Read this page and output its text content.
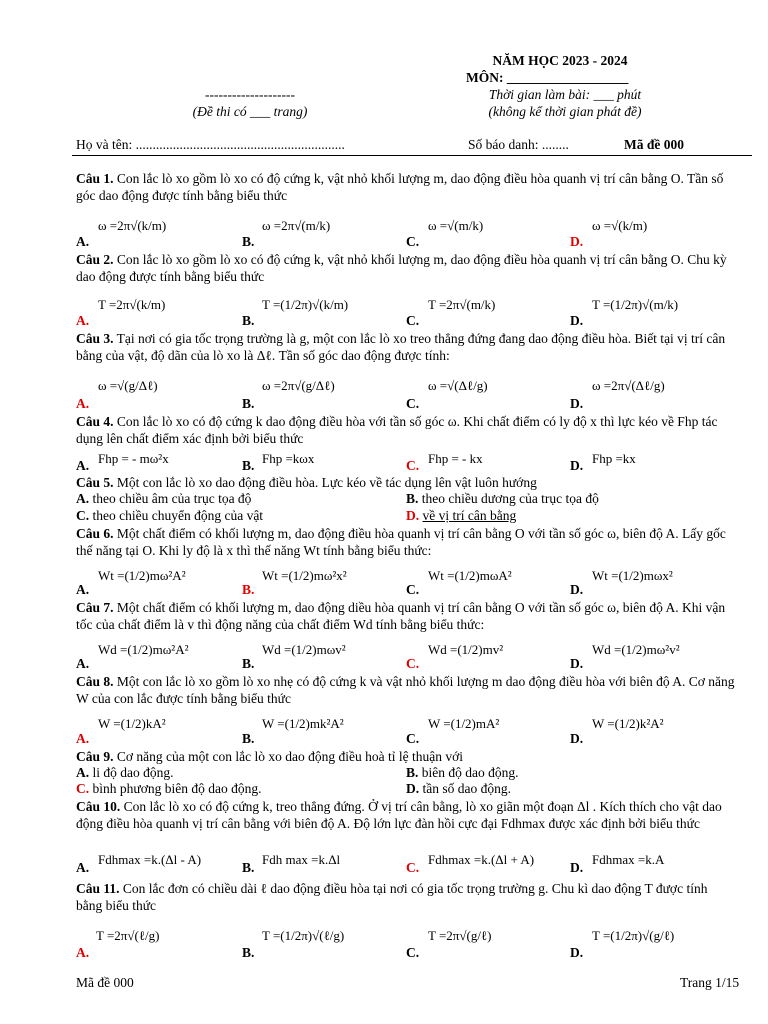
NĂM HỌC 2023 - 2024
MÔN: __________________
--------------------
(Đề thi có ___ trang)
Thời gian làm bài: ___ phút
(không kể thời gian phát đề)
Họ và tên: ..............................................................	Số báo danh: ........	Mã đề 000
Câu 1. Con lắc lò xo gồm lò xo có độ cứng k, vật nhỏ khối lượng m, dao động điều hòa quanh vị trí cân bằng O. Tần số góc dao động được tính bằng biểu thức
A.
ω =2π√(k/m)
B.
ω =2π√(m/k)
C.
ω =√(m/k)
D.
ω =√(k/m)
Câu 2. Con lắc lò xo gồm lò xo có độ cứng k, vật nhỏ khối lượng m, dao động điều hòa quanh vị trí cân bằng O. Chu kỳ dao động được tính bằng biểu thức
A.
T =2π√(k/m)
B.
T =(1/2π)√(k/m)
C.
T =2π√(m/k)
D.
T =(1/2π)√(m/k)
Câu 3. Tại nơi có gia tốc trọng trường là g, một con lắc lò xo treo thẳng đứng đang dao động điều hòa. Biết tại vị trí cân bằng của vật, độ dãn của lò xo là Δℓ. Tần số góc dao động được tính:
A.
ω =√(g/Δℓ)
B.
ω =2π√(g/Δℓ)
C.
ω =√(Δℓ/g)
D.
ω =2π√(Δℓ/g)
Câu 4. Con lắc lò xo có độ cứng k dao động điều hòa với tần số góc ω. Khi chất điểm có ly độ x thì lực kéo về Fhp tác dụng lên chất điểm xác định bởi biểu thức
A. Fhp = - mω²x	B. Fhp =kωx	C. Fhp = - kx	D. Fhp =kx
Câu 5. Một con lắc lò xo dao động điều hòa. Lực kéo về tác dụng lên vật luôn hướng
A. theo chiều âm của trục tọa độ	B. theo chiều dương của trục tọa độ
C. theo chiều chuyển động của vật	D. về vị trí cân bằng
Câu 6. Một chất điểm có khối lượng m, dao động điều hòa quanh vị trí cân bằng O với tần số góc ω, biên độ A. Lấy gốc thế năng tại O. Khi ly độ là x thì thế năng Wt tính bằng biểu thức:
A.
Wt =(1/2)mω²A²
B.
Wt =(1/2)mω²x²
C.
Wt =(1/2)mωA²
D.
Wt =(1/2)mωx²
Câu 7. Một chất điểm có khối lượng m, dao động diều hòa quanh vị trí cân bằng O với tần số góc ω, biên độ A. Khi vận tốc của chất điểm là v thì động năng của chất điểm Wd tính bằng biểu thức:
A.
Wd =(1/2)mω²A²
B.
Wd =(1/2)mωv²
C.
Wd =(1/2)mv²
D.
Wd =(1/2)mω²v²
Câu 8. Một con lắc lò xo gồm lò xo nhẹ có độ cứng k và vật nhỏ khối lượng m dao động điều hòa với biên độ A. Cơ năng W của con lắc được tính bằng biểu thức
A.
W =(1/2)kA²
B.
W =(1/2)mk²A²
C.
W =(1/2)mA²
D.
W =(1/2)k²A²
Câu 9. Cơ năng của một con lắc lò xo dao động điều hoà tỉ lệ thuận với
A. li độ dao động.	B. biên độ dao động.
C. bình phương biên độ dao động.	D. tần số dao động.
Câu 10. Con lắc lò xo có độ cứng k, treo thẳng đứng. Ở vị trí cân bằng, lò xo giãn một đoạn Δl . Kích thích cho vật dao động điều hòa quanh vị trí cân bằng với biên độ A. Độ lớn lực đàn hồi cực đại Fdhmax được xác định bởi biểu thức
A.
Fdhmax =k.(Δl - A)
B.
Fdh max =k.Δl
C.
Fdhmax =k.(Δl + A)
D.
Fdhmax =k.A
Câu 11. Con lắc đơn có chiều dài ℓ dao động điều hòa tại nơi có gia tốc trọng trường g. Chu kì dao động T được tính bằng biểu thức
A.
T =2π√(ℓ/g)
B.
T =(1/2π)√(ℓ/g)
C.
T =2π√(g/ℓ)
D.
T =(1/2π)√(g/ℓ)
Mã đề 000	Trang 1/15
